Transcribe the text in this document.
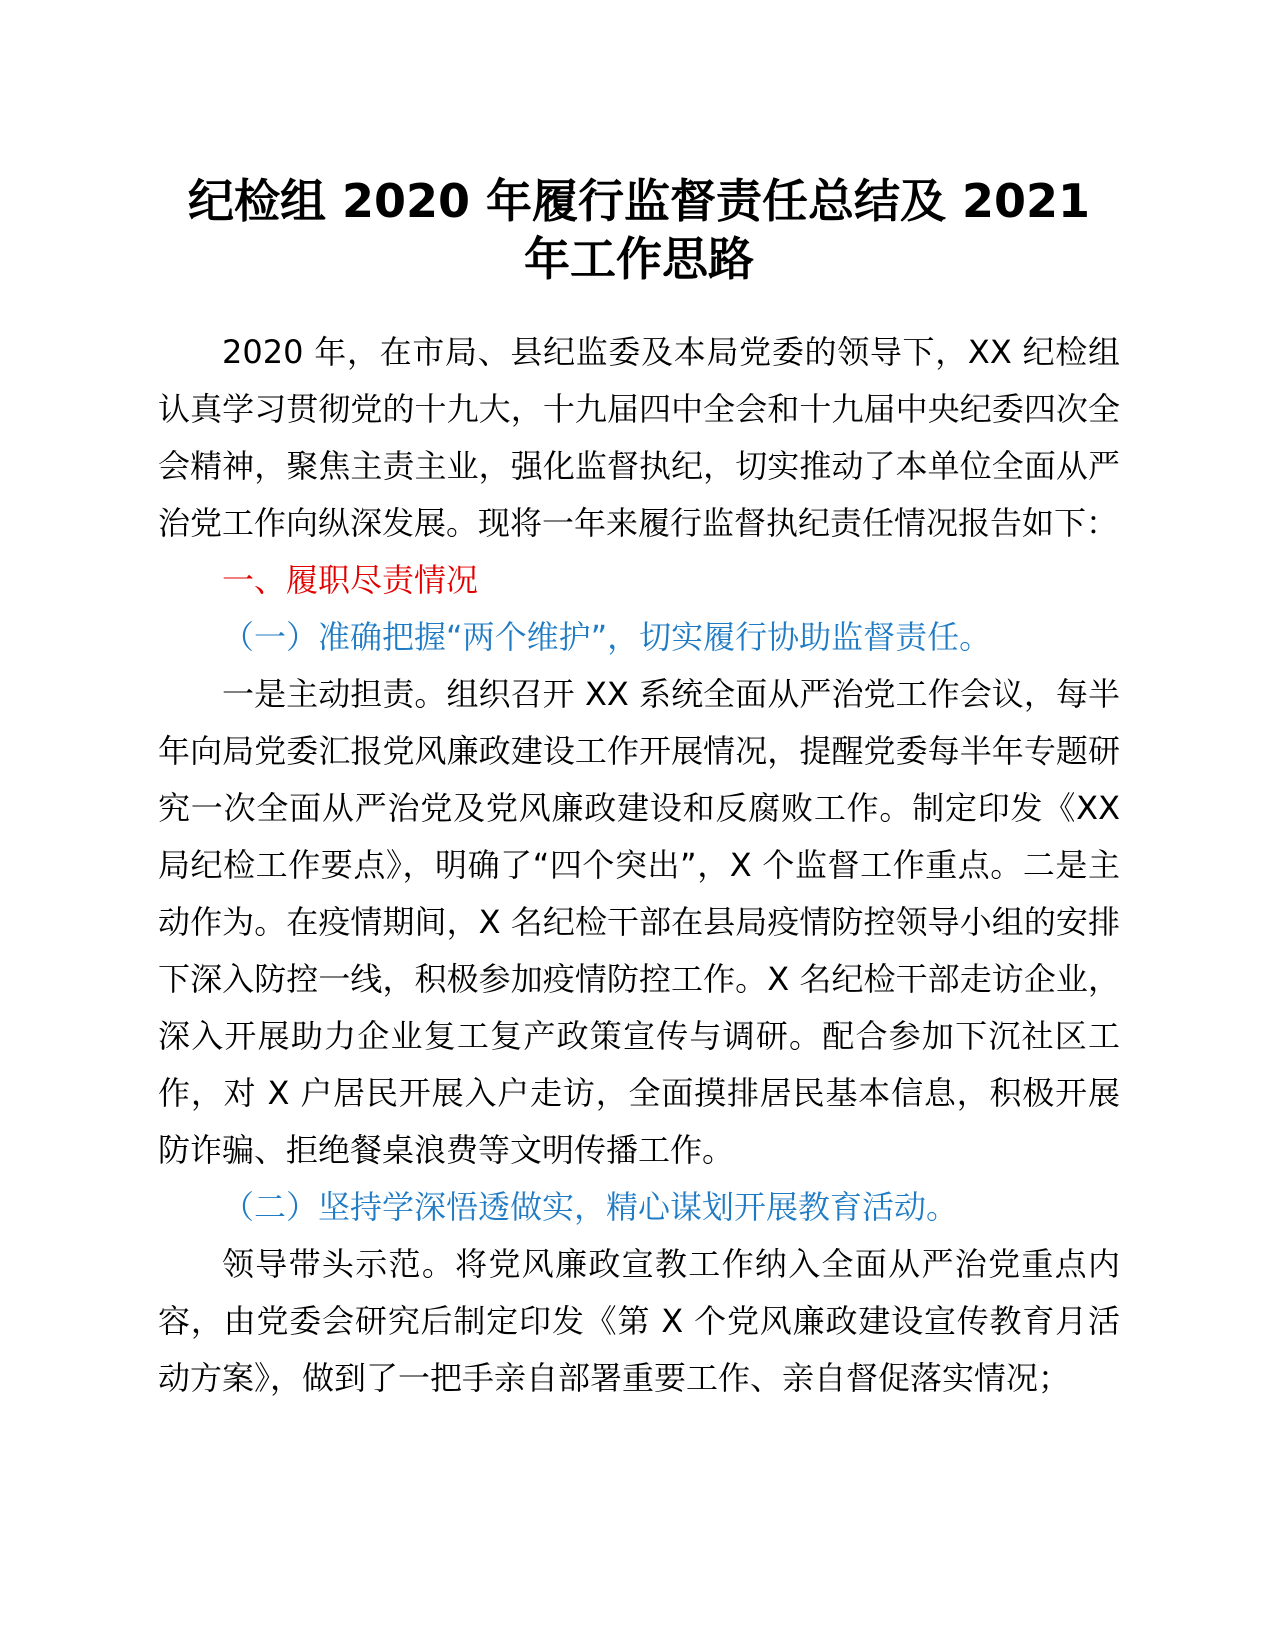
纪检组 2020 年履行监督责任总结及 2021 年工作思路

2020 年，在市局、县纪监委及本局党委的领导下，XX 纪检组认真学习贯彻党的十九大，十九届四中全会和十九届中央纪委四次全会精神，聚焦主责主业，强化监督执纪，切实推动了本单位全面从严治党工作向纵深发展。现将一年来履行监督执纪责任情况报告如下：

一、履职尽责情况

（一）准确把握“两个维护”，切实履行协助监督责任。

一是主动担责。组织召开 XX 系统全面从严治党工作会议，每半年向局党委汇报党风廉政建设工作开展情况，提醒党委每半年专题研究一次全面从严治党及党风廉政建设和反腐败工作。制定印发《XX 局纪检工作要点》，明确了“四个突出”，X 个监督工作重点。二是主动作为。在疫情期间，X 名纪检干部在县局疫情防控领导小组的安排下深入防控一线，积极参加疫情防控工作。X 名纪检干部走访企业，深入开展助力企业复工复产政策宣传与调研。配合参加下沉社区工作，对 X 户居民开展入户走访，全面摸排居民基本信息，积极开展防诈骗、拒绝餐桌浪费等文明传播工作。

（二）坚持学深悟透做实，精心谋划开展教育活动。

领导带头示范。将党风廉政宣教工作纳入全面从严治党重点内容，由党委会研究后制定印发《第 X 个党风廉政建设宣传教育月活动方案》，做到了一把手亲自部署重要工作、亲自督促落实情况；
